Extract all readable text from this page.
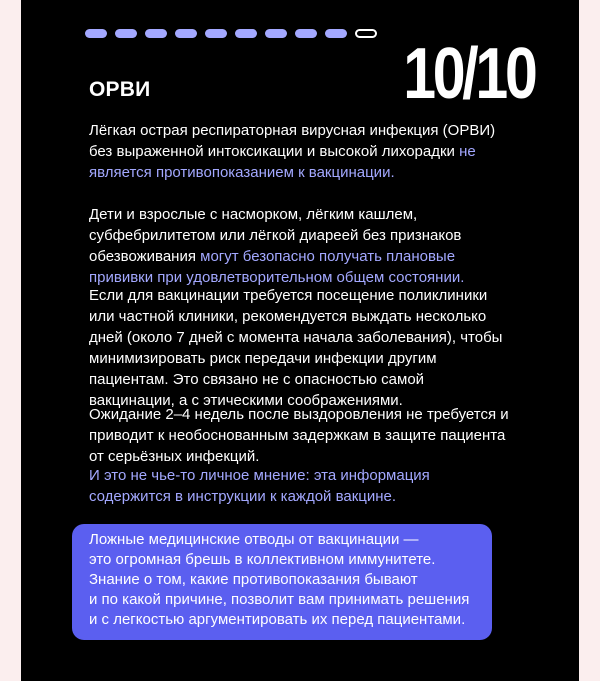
ОРВИ	10/10

Лёгкая острая респираторная вирусная инфекция (ОРВИ) без выраженной интоксикации и высокой лихорадки не является противопоказанием к вакцинации.

Дети и взрослые с насморком, лёгким кашлем, субфебрилитетом или лёгкой диареей без признаков обезвоживания могут безопасно получать плановые прививки при удовлетворительном общем состоянии.

Если для вакцинации требуется посещение поликлиники или частной клиники, рекомендуется выждать несколько дней (около 7 дней с момента начала заболевания), чтобы минимизировать риск передачи инфекции другим пациентам. Это связано не с опасностью самой вакцинации, а с этическими соображениями.

Ожидание 2–4 недель после выздоровления не требуется и приводит к необоснованным задержкам в защите пациента от серьёзных инфекций.

И это не чье-то личное мнение: эта информация содержится в инструкции к каждой вакцине.

Ложные медицинские отводы от вакцинации —

это огромная брешь в коллективном иммунитете.

Знание о том, какие противопоказания бывают

и по какой причине, позволит вам принимать решения

и с легкостью аргументировать их перед пациентами.
